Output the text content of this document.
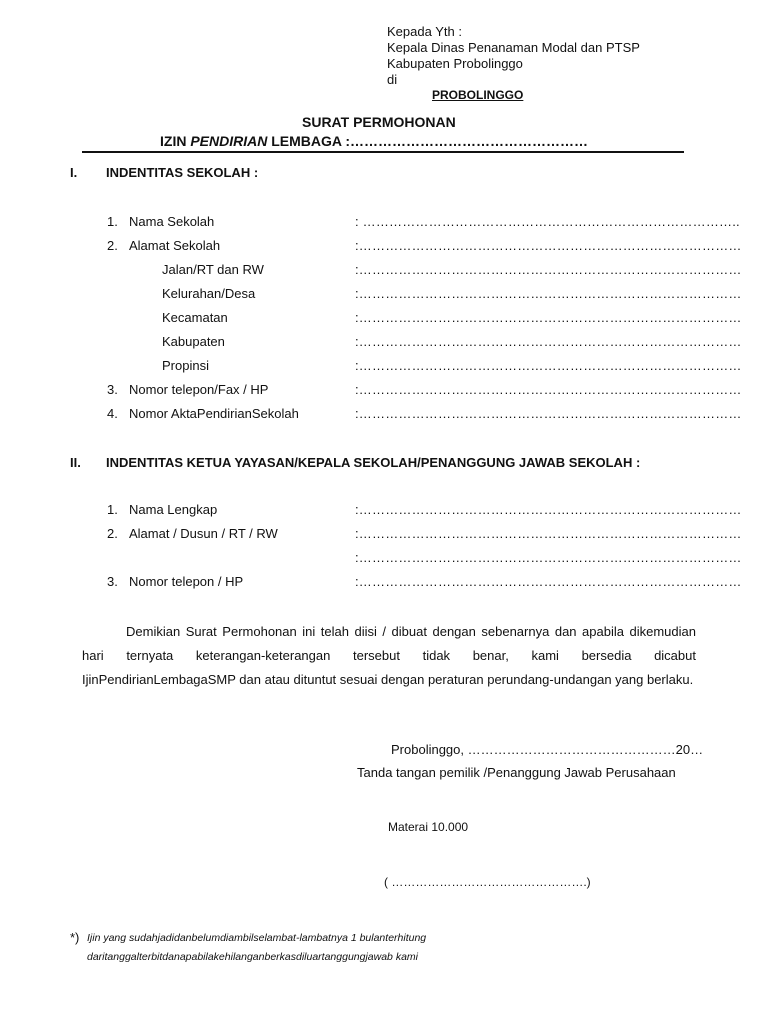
Kepada Yth :
Kepala Dinas Penanaman Modal dan PTSP
Kabupaten Probolinggo
di
PROBOLINGGO
SURAT PERMOHONAN
IZIN PENDIRIAN LEMBAGA :……………………………………………
I. INDENTITAS SEKOLAH :
1. Nama Sekolah	: …………………………………………………………………………..
2. Alamat Sekolah	:……………………………………………………………………………
Jalan/RT dan RW	:……………………………………………………………………………
Kelurahan/Desa	:……………………………………………………………………………
Kecamatan	:……………………………………………………………………………
Kabupaten	:……………………………………………………………………………
Propinsi	:……………………………………………………………………………
3. Nomor telepon/Fax / HP	:……………………………………………………………………………
4. Nomor AktaPendirianSekolah	:……………………………………………………………………………
II. INDENTITAS KETUA YAYASAN/KEPALA SEKOLAH/PENANGGUNG JAWAB SEKOLAH :
1. Nama Lengkap	:……………………………………………………………………………
2. Alamat / Dusun / RT / RW	:……………………………………………………………………………
:……………………………………………………………………………
3. Nomor telepon / HP	:……………………………………………………………………………
Demikian Surat Permohonan ini telah diisi / dibuat dengan sebenarnya dan apabila dikemudian hari ternyata keterangan-keterangan tersebut tidak benar, kami bersedia dicabut IjinPendirianLembagaSMP dan atau dituntut sesuai dengan peraturan perundang-undangan yang berlaku.
Probolinggo, …………………………………………20…
Tanda tangan pemilik /Penanggung Jawab Perusahaan
Materai 10.000
( ………………………………………….)
*) Ijin yang sudahjadidanbelumdiambilselambat-lambatnya 1 bulanterhitung
daritanggalterbitdanapabilakehilanganberkasdiluartanggungjawab kami
